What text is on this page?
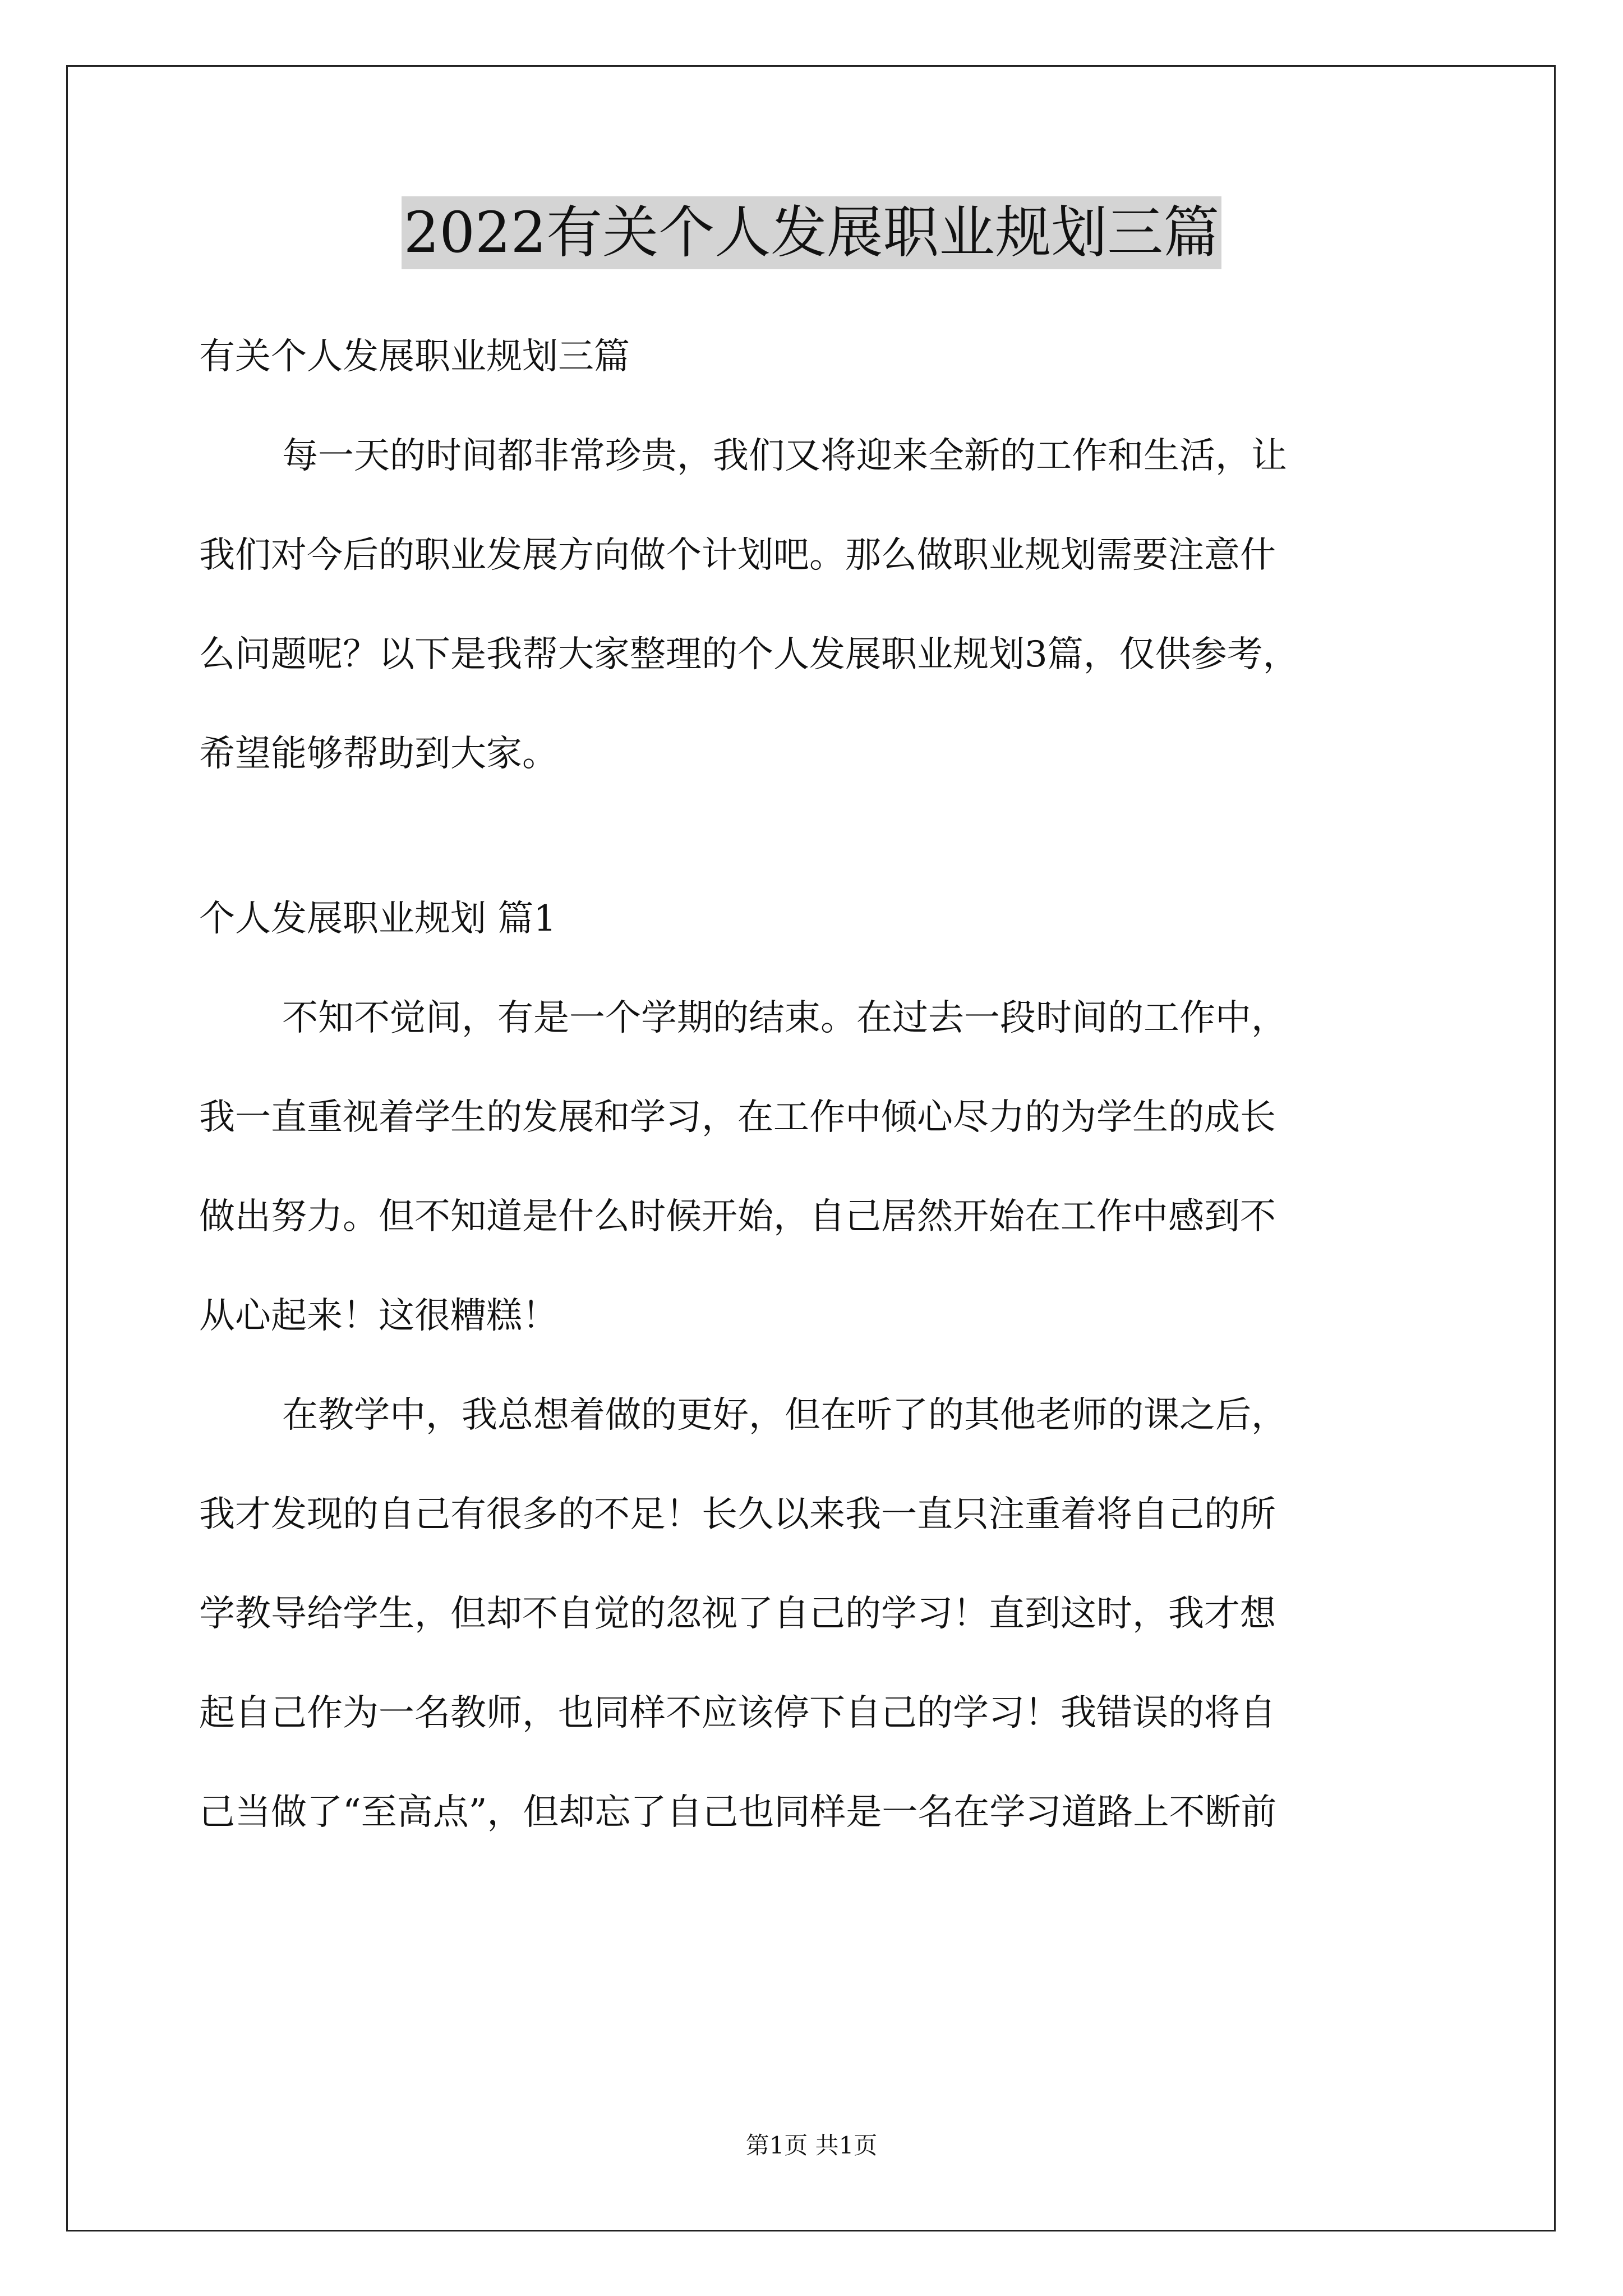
2022有关个人发展职业规划三篇
有关个人发展职业规划三篇
每一天的时间都非常珍贵，我们又将迎来全新的工作和生活，让
我们对今后的职业发展方向做个计划吧。那么做职业规划需要注意什
么问题呢？以下是我帮大家整理的个人发展职业规划3篇，仅供参考，
希望能够帮助到大家。
个人发展职业规划 篇1
不知不觉间，有是一个学期的结束。在过去一段时间的工作中，
我一直重视着学生的发展和学习，在工作中倾心尽力的为学生的成长
做出努力。但不知道是什么时候开始，自己居然开始在工作中感到不
从心起来！这很糟糕！
在教学中，我总想着做的更好，但在听了的其他老师的课之后，
我才发现的自己有很多的不足！长久以来我一直只注重着将自己的所
学教导给学生，但却不自觉的忽视了自己的学习！直到这时，我才想
起自己作为一名教师，也同样不应该停下自己的学习！我错误的将自
己当做了“至高点”，但却忘了自己也同样是一名在学习道路上不断前
第1页 共1页
